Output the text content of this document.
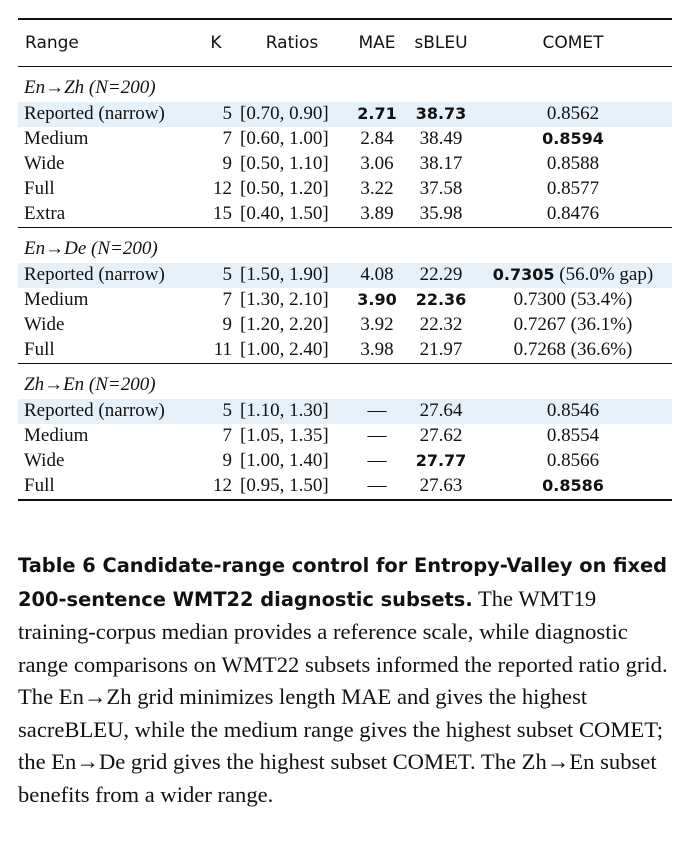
Range	K	Ratios	MAE	sBLEU	COMET

En→Zh (N=200)					
Reported (narrow)	5	[0.70, 0.90]	2.71	38.73	0.8562
Medium	7	[0.60, 1.00]	2.84	38.49	0.8594
Wide	9	[0.50, 1.10]	3.06	38.17	0.8588
Full	12	[0.50, 1.20]	3.22	37.58	0.8577
Extra	15	[0.40, 1.50]	3.89	35.98	0.8476

En→De (N=200)					
Reported (narrow)	5	[1.50, 1.90]	4.08	22.29	0.7305 (56.0% gap)
Medium	7	[1.30, 2.10]	3.90	22.36	0.7300 (53.4%)
Wide	9	[1.20, 2.20]	3.92	22.32	0.7267 (36.1%)
Full	11	[1.00, 2.40]	3.98	21.97	0.7268 (36.6%)

Zh→En (N=200)					
Reported (narrow)	5	[1.10, 1.30]	—	27.64	0.8546
Medium	7	[1.05, 1.35]	—	27.62	0.8554
Wide	9	[1.00, 1.40]	—	27.77	0.8566
Full	12	[0.95, 1.50]	—	27.63	0.8586
Table 6 Candidate-range control for Entropy-Valley on fixed 200-sentence WMT22 diagnostic subsets. The WMT19 training-corpus median provides a reference scale, while diagnostic range comparisons on WMT22 subsets informed the reported ratio grid. The En→Zh grid minimizes length MAE and gives the highest sacreBLEU, while the medium range gives the highest subset COMET; the En→De grid gives the highest subset COMET. The Zh→En subset benefits from a wider range.
